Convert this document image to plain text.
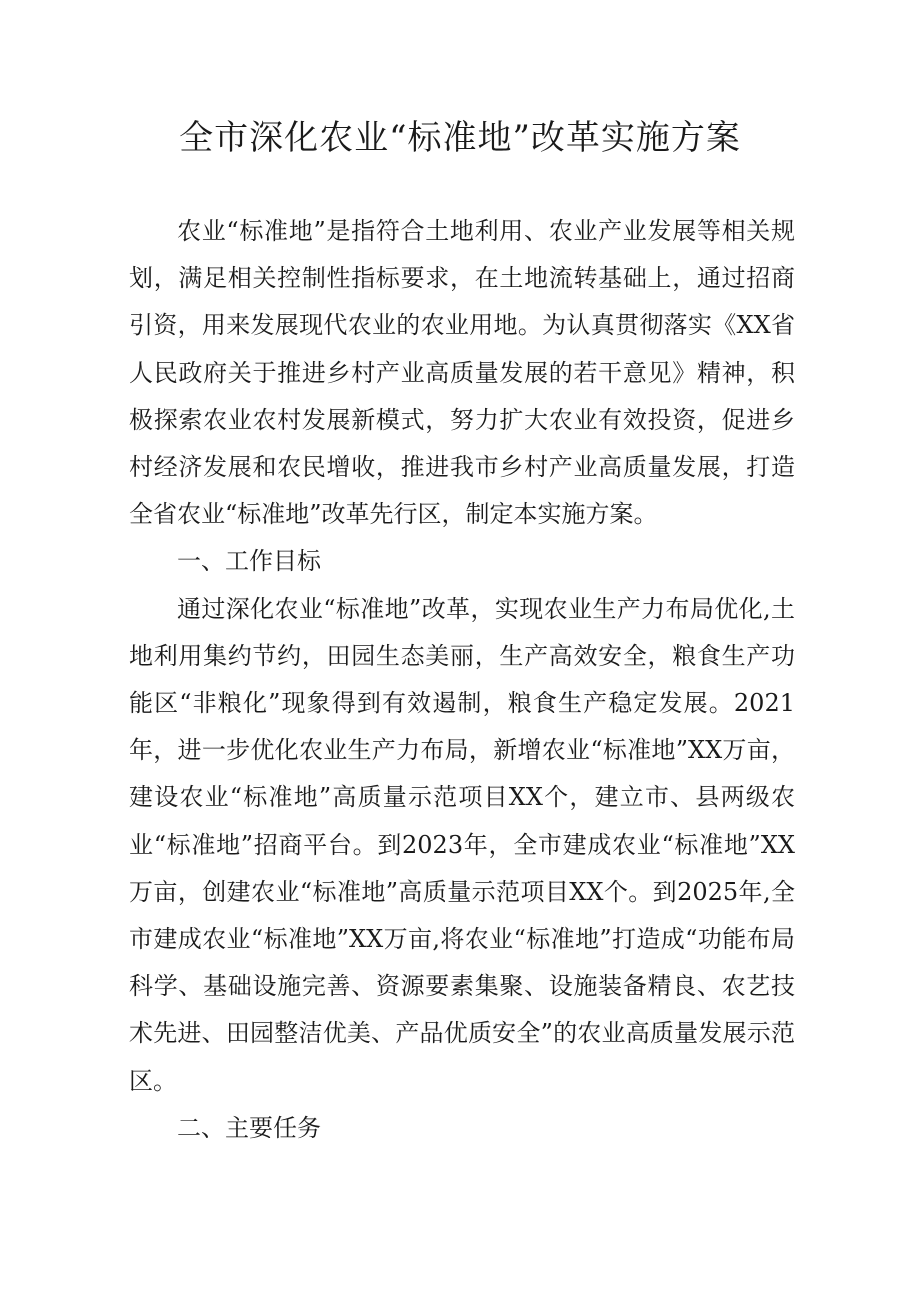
全市深化农业“标准地”改革实施方案

农业“标准地”是指符合土地利用、农业产业发展等相关规划，满足相关控制性指标要求，在土地流转基础上，通过招商引资，用来发展现代农业的农业用地。为认真贯彻落实《XX省人民政府关于推进乡村产业高质量发展的若干意见》精神，积极探索农业农村发展新模式，努力扩大农业有效投资，促进乡村经济发展和农民增收，推进我市乡村产业高质量发展，打造全省农业“标准地”改革先行区，制定本实施方案。

一、工作目标

通过深化农业“标准地”改革，实现农业生产力布局优化,土地利用集约节约，田园生态美丽，生产高效安全，粮食生产功能区“非粮化”现象得到有效遏制，粮食生产稳定发展。2021年，进一步优化农业生产力布局，新增农业“标准地”XX万亩，建设农业“标准地”高质量示范项目XX个，建立市、县两级农业“标准地”招商平台。到2023年，全市建成农业“标准地”XX万亩，创建农业“标准地”高质量示范项目XX个。到2025年,全市建成农业“标准地”XX万亩,将农业“标准地”打造成“功能布局科学、基础设施完善、资源要素集聚、设施装备精良、农艺技术先进、田园整洁优美、产品优质安全”的农业高质量发展示范区。

二、主要任务
